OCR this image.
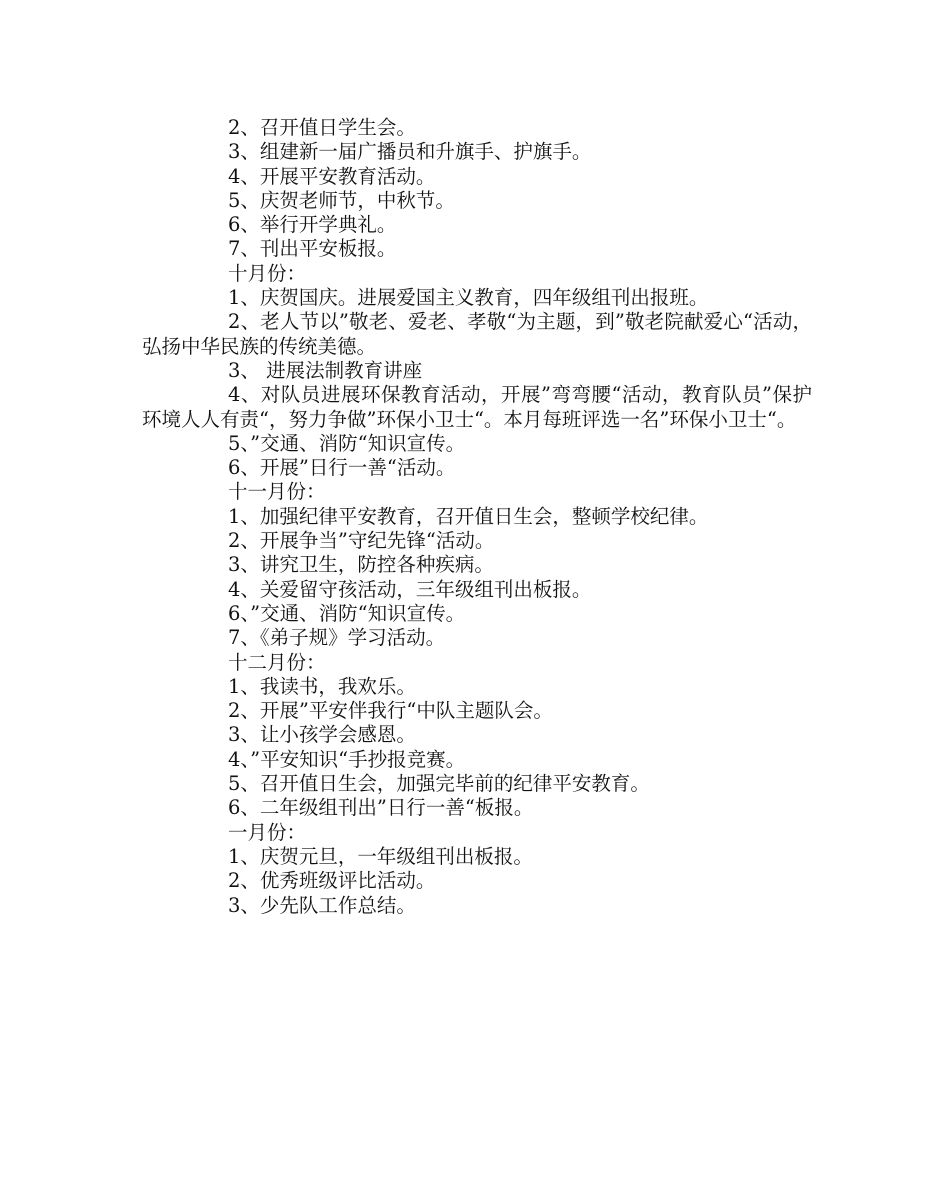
2、召开值日学生会。

3、组建新一届广播员和升旗手、护旗手。

4、开展平安教育活动。

5、庆贺老师节，中秋节。

6、举行开学典礼。

7、刊出平安板报。

十月份：

1、庆贺国庆。进展爱国主义教育，四年级组刊出报班。

2、老人节以”敬老、爱老、孝敬“为主题，到”敬老院献爱心“活动，弘扬中华民族的传统美德。

3、 进展法制教育讲座

4、对队员进展环保教育活动，开展”弯弯腰“活动，教育队员”保护环境人人有责“，努力争做”环保小卫士“。本月每班评选一名”环保小卫士“。

5、”交通、消防“知识宣传。

6、开展”日行一善“活动。

十一月份：

1、加强纪律平安教育，召开值日生会，整顿学校纪律。

2、开展争当”守纪先锋“活动。

3、讲究卫生，防控各种疾病。

4、关爱留守孩活动，三年级组刊出板报。

6、”交通、消防“知识宣传。

7、《弟子规》学习活动。

十二月份：

1、我读书，我欢乐。

2、开展”平安伴我行“中队主题队会。

3、让小孩学会感恩。

4、”平安知识“手抄报竞赛。

5、召开值日生会，加强完毕前的纪律平安教育。

6、二年级组刊出”日行一善“板报。

一月份：

1、庆贺元旦，一年级组刊出板报。

2、优秀班级评比活动。

3、少先队工作总结。
